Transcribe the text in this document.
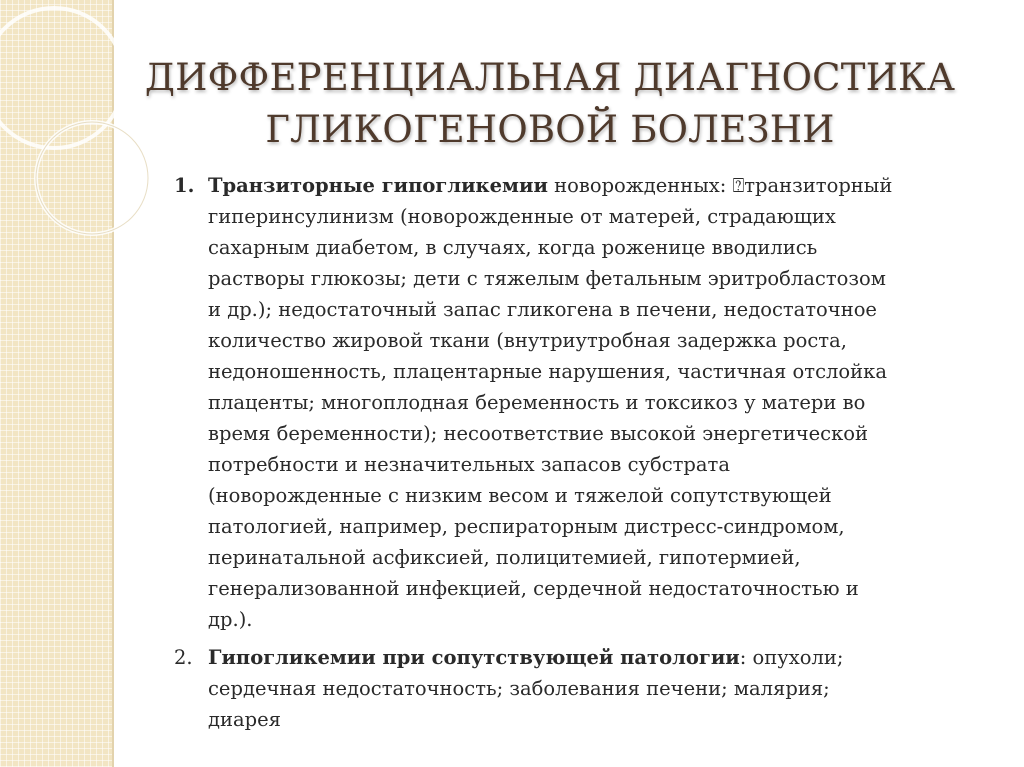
ДИФФЕРЕНЦИАЛЬНАЯ ДИАГНОСТИКА
ГЛИКОГЕНОВОЙ БОЛЕЗНИ
1. Транзиторные гипогликемии новорожденных: ⍰транзиторный
гиперинсулинизм (новорожденные от матерей, страдающих
сахарным диабетом, в случаях, когда роженице вводились
растворы глюкозы; дети с тяжелым фетальным эритробластозом
и др.); недостаточный запас гликогена в печени, недостаточное
количество жировой ткани (внутриутробная задержка роста,
недоношенность, плацентарные нарушения, частичная отслойка
плаценты; многоплодная беременность и токсикоз у матери во
время беременности); несоответствие высокой энергетической
потребности и незначительных запасов субстрата
(новорожденные с низким весом и тяжелой сопутствующей
патологией, например, респираторным дистресс-синдромом,
перинатальной асфиксией, полицитемией, гипотермией,
генерализованной инфекцией, сердечной недостаточностью и
др.).
2. Гипогликемии при сопутствующей патологии: опухоли;
сердечная недостаточность; заболевания печени; малярия;
диарея
